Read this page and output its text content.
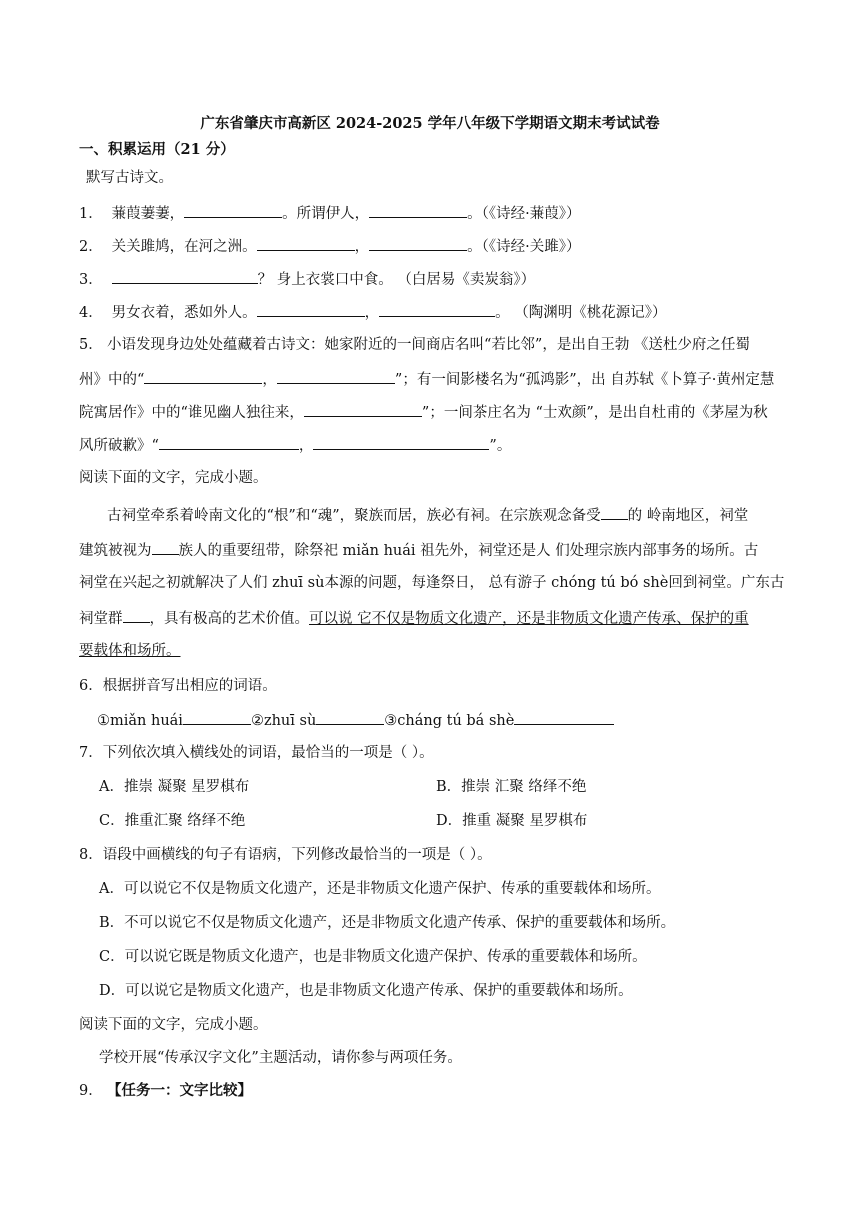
广东省肇庆市高新区 2024-2025 学年八年级下学期语文期末考试试卷
一、积累运用（21 分）
默写古诗文。
1． 蒹葭萋萋，	。所谓伊人，	。（《诗经·蒹葭》）
2． 关关雎鸠，在河之洲。	，	。（《诗经·关雎》）
3．	？ 身上衣裳口中食。 （白居易《卖炭翁》）
4． 男女衣着，悉如外人。	，	。 （陶渊明《桃花源记》）
5． 小语发现身边处处蕴藏着古诗文：她家附近的一间商店名叫“若比邻”，是出自王勃 《送杜少府之任蜀
州》中的“	，	”；有一间影楼名为“孤鸿影”，出 自苏轼《卜算子·黄州定慧
院寓居作》中的“谁见幽人独往来，	”；一间茶庄名为 “士欢颜”，是出自杜甫的《茅屋为秋
风所破歉》“	，	”。
阅读下面的文字，完成小题。
古祠堂牵系着岭南文化的“根”和“魂”，聚族而居，族必有祠。在宗族观念备受 的 岭南地区，祠堂
建筑被视为 族人的重要纽带，除祭祀 miǎn huái 祖先外，祠堂还是人 们处理宗族内部事务的场所。古
祠堂在兴起之初就解决了人们 zhuī sù本源的问题，每逢祭日， 总有游子 chóng tú bó shè回到祠堂。广东古
祠堂群 ，具有极高的艺术价值。可以说 它不仅是物质文化遗产，还是非物质文化遗产传承、保护的重
要载体和场所。
6．根据拼音写出相应的词语。
①miǎn huái	②zhuī sù	③cháng tú bá shè
7．下列依次填入横线处的词语，最恰当的一项是（ ）。
A．推崇 凝聚 星罗棋布	B．推崇 汇聚 络绎不绝
C．推重汇聚 络绎不绝	D．推重 凝聚 星罗棋布
8．语段中画横线的句子有语病，下列修改最恰当的一项是（ ）。
A．可以说它不仅是物质文化遗产，还是非物质文化遗产保护、传承的重要载体和场所。
B．不可以说它不仅是物质文化遗产，还是非物质文化遗产传承、保护的重要载体和场所。
C．可以说它既是物质文化遗产，也是非物质文化遗产保护、传承的重要载体和场所。
D．可以说它是物质文化遗产，也是非物质文化遗产传承、保护的重要载体和场所。
阅读下面的文字，完成小题。
学校开展“传承汉字文化”主题活动，请你参与两项任务。
9． 【任务一：文字比较】
